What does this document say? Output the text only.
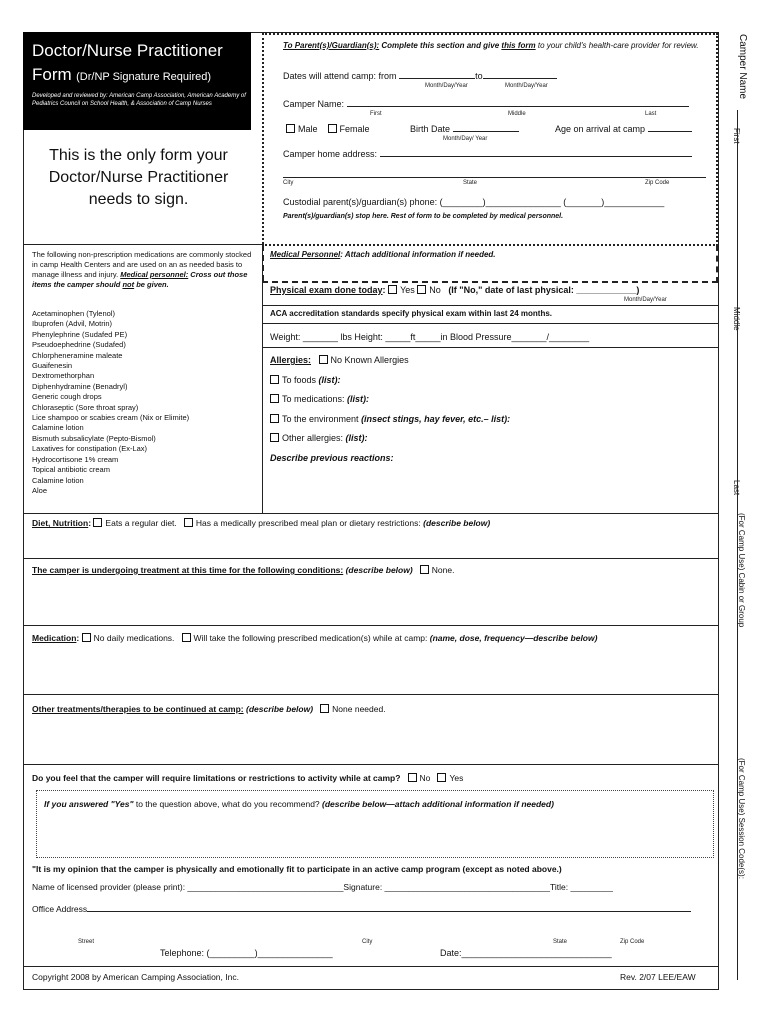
Doctor/Nurse Practitioner
Form (Dr/NP Signature Required)
Developed and reviewed by: American Camp Association, American Academy of Pediatrics Council on School Health, & Association of Camp Nurses
This is the only form your Doctor/Nurse Practitioner needs to sign.
To Parent(s)/Guardian(s): Complete this section and give this form to your child's health-care provider for review.
Dates will attend camp: from	to
Month/Day/Year	Month/Day/Year
Camper Name:
First	Middle	Last
Male Female	Birth Date
Month/Day/ Year
Age on arrival at camp
Camper home address:
City	State	Zip Code
Custodial parent(s)/guardian(s) phone: (________)_______________ (_______)____________
Parent(s)/guardian(s) stop here. Rest of form to be completed by medical personnel.
The following non-prescription medications are commonly stocked in camp Health Centers and are used on an as needed basis to manage illness and injury. Medical personnel: Cross out those items the camper should not be given.
Acetaminophen (Tylenol)
Ibuprofen (Advil, Motrin)
Phenylephrine (Sudafed PE)
Pseudoephedrine (Sudafed)
Chlorpheneramine maleate
Guaifenesin
Dextromethorphan
Diphenhydramine (Benadryl)
Generic cough drops
Chloraseptic (Sore throat spray)
Lice shampoo or scabies cream (Nix or Elimite)
Calamine lotion
Bismuth subsalicylate (Pepto-Bismol)
Laxatives for constipation (Ex-Lax)
Hydrocortisone 1% cream
Topical antibiotic cream
Calamine lotion
Aloe
Medical Personnel: Attach additional information if needed.
Physical exam done today: Yes No (If "No," date of last physical: ____________)
Month/Day/Year
ACA accreditation standards specify physical exam within last 24 months.
Weight: _______ lbs Height: _____ft_____in Blood Pressure_______/________
Allergies: No Known Allergies
To foods (list):
To medications: (list):
To the environment (insect stings, hay fever, etc.– list):
Other allergies: (list):
Describe previous reactions:
Diet, Nutrition: Eats a regular diet. Has a medically prescribed meal plan or dietary restrictions: (describe below)
The camper is undergoing treatment at this time for the following conditions: (describe below) None.
Medication: No daily medications. Will take the following prescribed medication(s) while at camp: (name, dose, frequency—describe below)
Other treatments/therapies to be continued at camp: (describe below) None needed.
Do you feel that the camper will require limitations or restrictions to activity while at camp? No Yes
If you answered "Yes" to the question above, what do you recommend? (describe below—attach additional information if needed)
"It is my opinion that the camper is physically and emotionally fit to participate in an active camp program (except as noted above.)
Name of licensed provider (please print): _________________________________Signature: ___________________________________Title: _________
Office Address
Street	City	State	Zip Code
Telephone: (_________)_______________	Date:______________________________
Copyright 2008 by American Camping Association, Inc.	Rev. 2/07 LEE/EAW
Camper Name
First
Middle
Last
(For Camp Use) Cabin or Group
(For Camp Use) Session Code(s):
